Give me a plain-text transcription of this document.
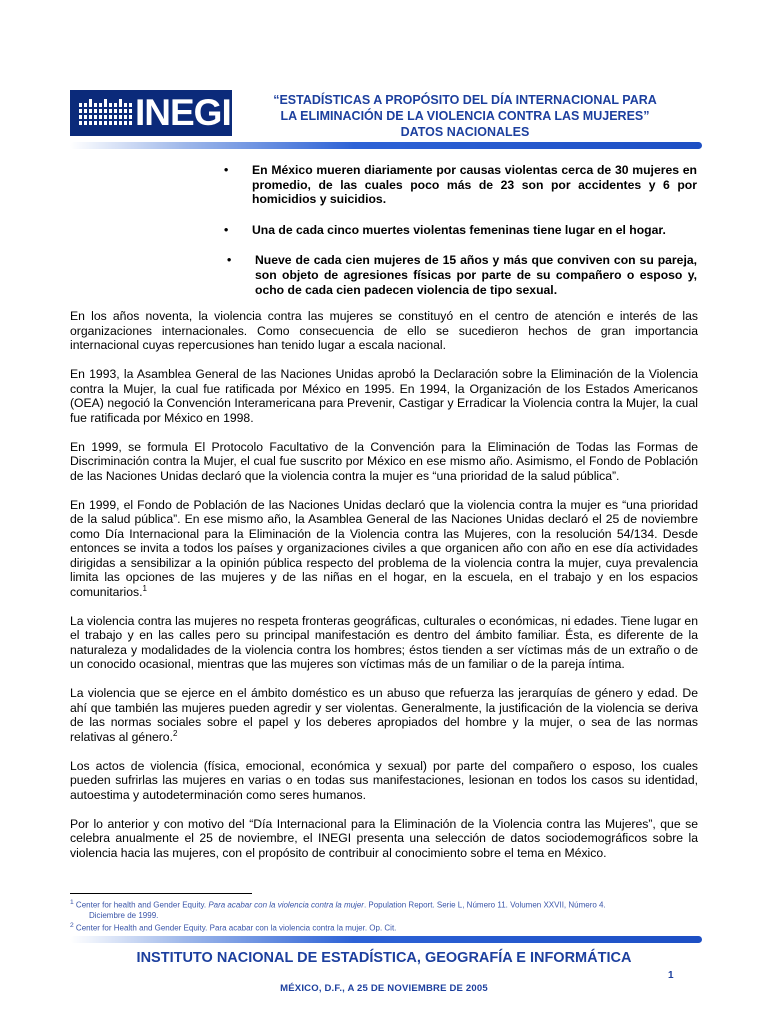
INEGI	“ESTADÍSTICAS A PROPÓSITO DEL DÍA INTERNACIONAL PARA
LA ELIMINACIÓN DE LA VIOLENCIA CONTRA LAS MUJERES”
DATOS NACIONALES
• En México mueren diariamente por causas violentas cerca de 30 mujeres en promedio, de las cuales poco más de 23 son por accidentes y 6 por homicidios y suicidios.
• Una de cada cinco muertes violentas femeninas tiene lugar en el hogar.
• Nueve de cada cien mujeres de 15 años y más que conviven con su pareja, son objeto de agresiones físicas por parte de su compañero o esposo y, ocho de cada cien padecen violencia de tipo sexual.

En los años noventa, la violencia contra las mujeres se constituyó en el centro de atención e interés de las organizaciones internacionales. Como consecuencia de ello se sucedieron hechos de gran importancia internacional cuyas repercusiones han tenido lugar a escala nacional.

En 1993, la Asamblea General de las Naciones Unidas aprobó la Declaración sobre la Eliminación de la Violencia contra la Mujer, la cual fue ratificada por México en 1995. En 1994, la Organización de los Estados Americanos (OEA) negoció la Convención Interamericana para Prevenir, Castigar y Erradicar la Violencia contra la Mujer, la cual fue ratificada por México en 1998.

En 1999, se formula El Protocolo Facultativo de la Convención para la Eliminación de Todas las Formas de Discriminación contra la Mujer, el cual fue suscrito por México en ese mismo año. Asimismo, el Fondo de Población de las Naciones Unidas declaró que la violencia contra la mujer es “una prioridad de la salud pública”.

En 1999, el Fondo de Población de las Naciones Unidas declaró que la violencia contra la mujer es “una prioridad de la salud pública”. En ese mismo año, la Asamblea General de las Naciones Unidas declaró el 25 de noviembre como Día Internacional para la Eliminación de la Violencia contra las Mujeres, con la resolución 54/134. Desde entonces se invita a todos los países y organizaciones civiles a que organicen año con año en ese día actividades dirigidas a sensibilizar a la opinión pública respecto del problema de la violencia contra la mujer, cuya prevalencia limita las opciones de las mujeres y de las niñas en el hogar, en la escuela, en el trabajo y en los espacios comunitarios.$^1$

La violencia contra las mujeres no respeta fronteras geográficas, culturales o económicas, ni edades. Tiene lugar en el trabajo y en las calles pero su principal manifestación es dentro del ámbito familiar. Ésta, es diferente de la naturaleza y modalidades de la violencia contra los hombres; éstos tienden a ser víctimas más de un extraño o de un conocido ocasional, mientras que las mujeres son víctimas más de un familiar o de la pareja íntima.

La violencia que se ejerce en el ámbito doméstico es un abuso que refuerza las jerarquías de género y edad. De ahí que también las mujeres pueden agredir y ser violentas. Generalmente, la justificación de la violencia se deriva de las normas sociales sobre el papel y los deberes apropiados del hombre y la mujer, o sea de las normas relativas al género.$^2$

Los actos de violencia (física, emocional, económica y sexual) por parte del compañero o esposo, los cuales pueden sufrirlas las mujeres en varias o en todas sus manifestaciones, lesionan en todos los casos su identidad, autoestima y autodeterminación como seres humanos.

Por lo anterior y con motivo del “Día Internacional para la Eliminación de la Violencia contra las Mujeres”, que se celebra anualmente el 25 de noviembre, el INEGI presenta una selección de datos sociodemográficos sobre la violencia hacia las mujeres, con el propósito de contribuir al conocimiento sobre el tema en México.

$^1$ Center for health and Gender Equity. Para acabar con la violencia contra la mujer. Population Report. Serie L, Número 11. Volumen XXVII, Número 4.

Diciembre de 1999.

$^2$ Center for Health and Gender Equity. Para acabar con la violencia contra la mujer. Op. Cit.

INSTITUTO NACIONAL DE ESTADÍSTICA, GEOGRAFÍA E INFORMÁTICA
1
MÉXICO, D.F., A 25 DE NOVIEMBRE DE 2005
